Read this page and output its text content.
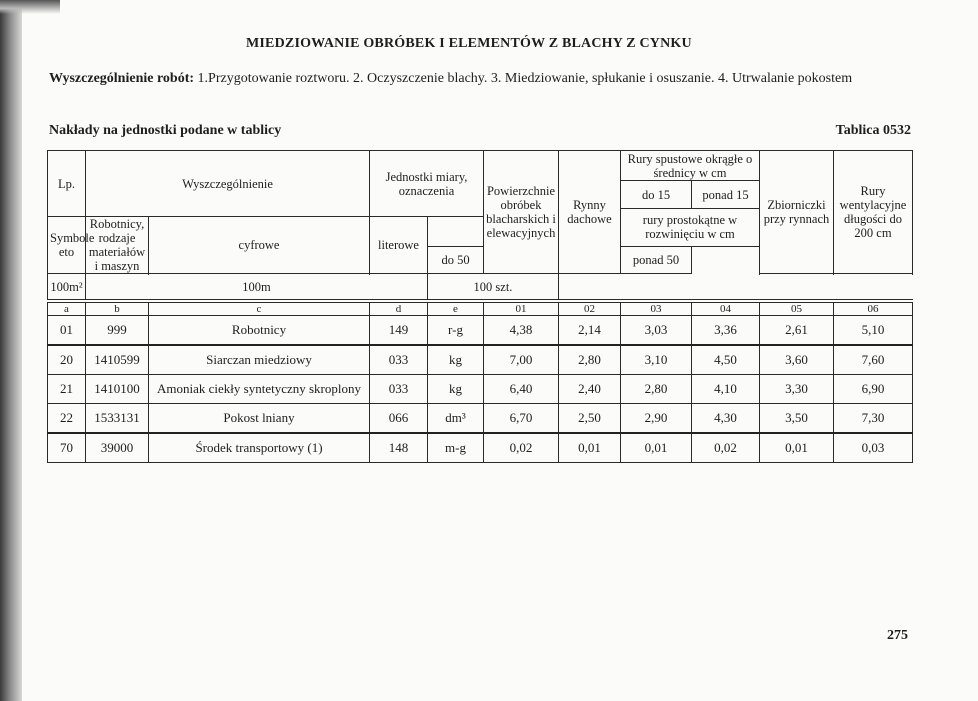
MIEDZIOWANIE OBRÓBEK I ELEMENTÓW Z BLACHY Z CYNKU
Wyszczególnienie robót: 1.Przygotowanie roztworu. 2. Oczyszczenie blachy. 3. Miedziowanie, spłukanie i osuszanie. 4. Utrwalanie pokostem
Nakłady na jednostki podane w tablicy	Tablica 0532
Lp.	Wyszczególnienie		Jednostki miary, oznaczenia		Powierzchnie obróbek blacharskich i elewacyjnych	Rynny dachowe	Rury spustowe okrągłe o średnicy w cm		Zbiorniczki przy rynnach	Rury wentylacyjne długości do 200 cm
							do 15	ponad 15		
							rury prostokątne w rozwinięciu w cm			
Symbole eto	Robotnicy, rodzaje materiałów i maszyn	cyfrowe	literowe							
				do 50			ponad 50			

100m²	100m			100 szt.						

a	b	c	d	e	01	02	03	04	05	06
01	999	Robotnicy	149	r-g	4,38	2,14	3,03	3,36	2,61	5,10
20	1410599	Siarczan miedziowy	033	kg	7,00	2,80	3,10	4,50	3,60	7,60
21	1410100	Amoniak ciekły syntetyczny skroplony	033	kg	6,40	2,40	2,80	4,10	3,30	6,90
22	1533131	Pokost lniany	066	dm³	6,70	2,50	2,90	4,30	3,50	7,30
70	39000	Środek transportowy (1)	148	m-g	0,02	0,01	0,01	0,02	0,01	0,03
275
